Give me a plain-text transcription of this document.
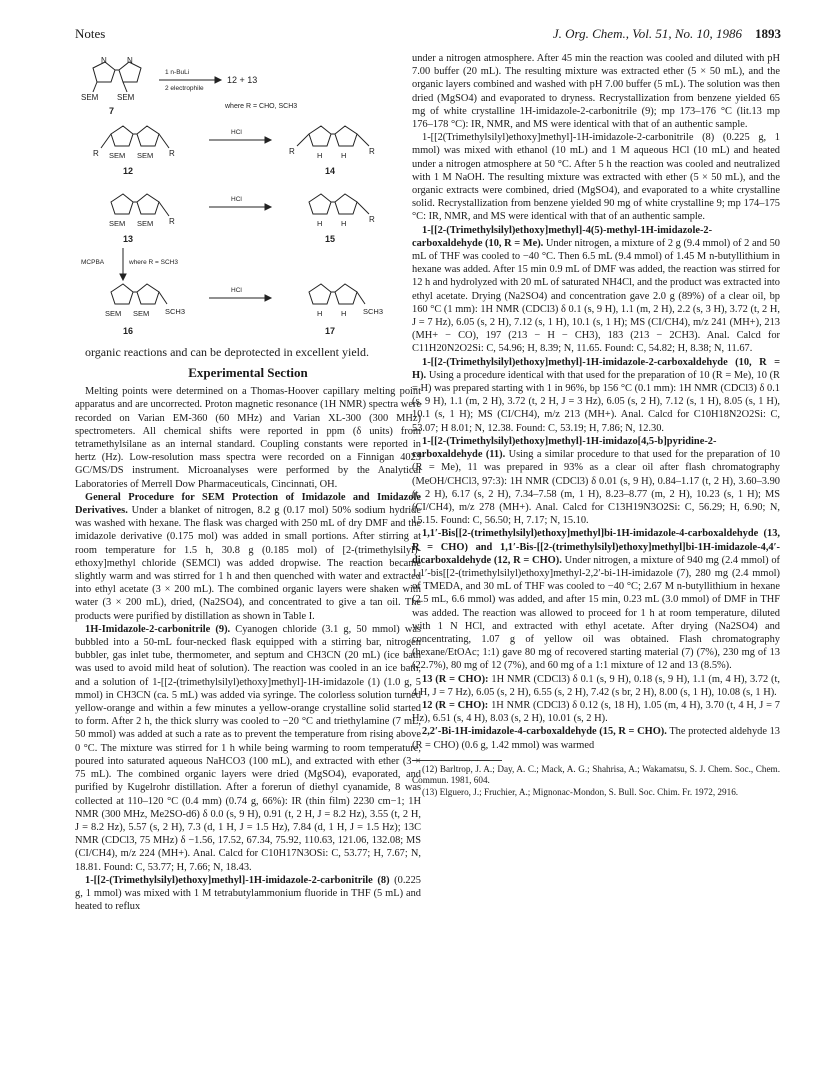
Notes	J. Org. Chem., Vol. 51, No. 10, 1986 1893
N	N
SEM SEM
7
1 n-BuLi
2 electrophile
12 + 13
where R = CHO, SCH3
R	R
SEM SEM
12
HCl
R	R
H H
14
R
SEM SEM
13
HCl
R
H H
15
MCPBA	where R = SCH3
SCH3
SEM SEM
16
HCl
SCH3
H H
17

organic reactions and can be deprotected in excellent yield.

Experimental Section

Melting points were determined on a Thomas-Hoover capillary melting point apparatus and are uncorrected. Proton magnetic resonance (1H NMR) spectra were recorded on Varian EM-360 (60 MHz) and Varian XL-300 (300 MHz) spectrometers. All chemical shifts were reported in ppm (δ units) from tetramethylsilane as an internal standard. Coupling constants were reported in hertz (Hz). Low-resolution mass spectra were recorded on a Finnigan 4023 GC/MS/DS instrument. Microanalyses were performed by the Analytical Laboratories of Merrell Dow Pharmaceuticals, Cincinnati, OH.

General Procedure for SEM Protection of Imidazole and Imidazole Derivatives. Under a blanket of nitrogen, 8.2 g (0.17 mol) 50% sodium hydride was washed with hexane. The flask was charged with 250 mL of dry DMF and the imidazole derivative (0.175 mol) was added in small portions. After stirring at room temperature for 1.5 h, 30.8 g (0.185 mol) of [2-(trimethylsilyl)-ethoxy]methyl chloride (SEMCl) was added dropwise. The reaction became slightly warm and was stirred for 1 h and then quenched with water and extracted into ethyl acetate (3 × 200 mL). The combined organic layers were shaken with water (3 × 200 mL), dried, (Na2SO4), and concentrated to give a tan oil. The products were purified by distillation as shown in Table I.

1H-Imidazole-2-carbonitrile (9). Cyanogen chloride (3.1 g, 50 mmol) was bubbled into a 50-mL four-necked flask equipped with a stirring bar, nitrogen bubbler, gas inlet tube, thermometer, and septum and CH3CN (20 mL) (ice bath was used to avoid mild heat of solution). The reaction was cooled in an ice bath, and a solution of 1-[[2-(trimethylsilyl)ethoxy]methyl]-1H-imidazole (1) (1.0 g, 5 mmol) in CH3CN (ca. 5 mL) was added via syringe. The colorless solution turned yellow-orange and within a few minutes a yellow-orange crystalline solid started to form. After 2 h, the thick slurry was cooled to −20 °C and triethylamine (7 mL, 50 mmol) was added at such a rate as to prevent the temperature from rising above 0 °C. The mixture was stirred for 1 h while being warming to room temperature, poured into saturated aqueous NaHCO3 (100 mL), and extracted with ether (3 × 75 mL). The combined organic layers were dried (MgSO4), evaporated, and purified by Kugelrohr distillation. After a forerun of diethyl cyanamide, 8 was collected at 110–120 °C (0.4 mm) (0.74 g, 66%): IR (thin film) 2230 cm−1; 1H NMR (300 MHz, Me2SO-d6) δ 0.0 (s, 9 H), 0.91 (t, 2 H, J = 8.2 Hz), 3.55 (t, 2 H, J = 8.2 Hz), 5.57 (s, 2 H), 7.3 (d, 1 H, J = 1.5 Hz), 7.84 (d, 1 H, J = 1.5 Hz); 13C NMR (CDCl3, 75 MHz) δ −1.56, 17.52, 67.34, 75.92, 110.63, 121.06, 132.08; MS (CI/CH4), m/z 224 (MH+). Anal. Calcd for C10H17N3OSi: C, 53.77; H, 7.67; N, 18.81. Found: C, 53.77; H, 7.66; N, 18.43.

1-[[2-(Trimethylsilyl)ethoxy]methyl]-1H-imidazole-2-carbonitrile (8) (0.225 g, 1 mmol) was mixed with 1 M tetrabutylammonium fluoride in THF (5 mL) and heated to reflux

under a nitrogen atmosphere. After 45 min the reaction was cooled and diluted with pH 7.00 buffer (20 mL). The resulting mixture was extracted ether (5 × 50 mL), and the organic layers combined and washed with pH 7.00 buffer (5 mL). The solution was then dried (MgSO4) and evaporated to dryness. Recrystallization from benzene yielded 65 mg of white crystalline 1H-imidazole-2-carbonitrile (9); mp 173–176 °C (lit.13 mp 176–178 °C): IR, NMR, and MS were identical with that of an authentic sample.

1-[[2(Trimethylsilyl)ethoxy]methyl]-1H-imidazole-2-carbonitrile (8) (0.225 g, 1 mmol) was mixed with ethanol (10 mL) and 1 M aqueous HCl (10 mL) and heated under a nitrogen atmosphere at 50 °C. After 5 h the reaction was cooled and neutralized with 1 M NaOH. The resulting mixture was extracted with ether (5 × 50 mL), and the organic extracts were combined, dried (MgSO4), and evaporated to a white crystalline solid. Recrystallization from benzene yielded 90 mg of white crystalline 9; mp 174–175 °C: IR, NMR, and MS were identical with that of an authentic sample.

1-[[2-(Trimethylsilyl)ethoxy]methyl]-4(5)-methyl-1H-imidazole-2-carboxaldehyde (10, R = Me). Under nitrogen, a mixture of 2 g (9.4 mmol) of 2 and 50 mL of THF was cooled to −40 °C. Then 6.5 mL (9.4 mmol) of 1.45 M n-butyllithium in hexane was added. After 15 min 0.9 mL of DMF was added, the reaction was stirred for 12 h and hydrolyzed with 20 mL of saturated NH4Cl, and the product was extracted into ethyl acetate. Drying (Na2SO4) and concentration gave 2.0 g (89%) of a clear oil, bp 160 °C (1 mm): 1H NMR (CDCl3) δ 0.1 (s, 9 H), 1.1 (m, 2 H), 2.2 (s, 3 H), 3.72 (t, 2 H, J = 7 Hz), 6.05 (s, 2 H), 7.12 (s, 1 H), 10.1 (s, 1 H); MS (CI/CH4), m/z 241 (MH+), 213 (MH+ − CO), 197 (213 − H − CH3), 183 (213 − 2CH3). Anal. Calcd for C11H20N2O2Si: C, 54.96; H, 8.39; N, 11.65. Found: C, 54.82; H, 8.38; N, 11.67.

1-[[2-(Trimethylsilyl)ethoxy]methyl]-1H-imidazole-2-carboxaldehyde (10, R = H). Using a procedure identical with that used for the preparation of 10 (R = Me), 10 (R = H) was prepared starting with 1 in 96%, bp 156 °C (0.1 mm): 1H NMR (CDCl3) δ 0.1 (s, 9 H), 1.1 (m, 2 H), 3.72 (t, 2 H, J = 3 Hz), 6.05 (s, 2 H), 7.12 (s, 1 H), 8.05 (s, 1 H), 10.1 (s, 1 H); MS (CI/CH4), m/z 213 (MH+). Anal. Calcd for C10H18N2O2Si: C, 53.07; H 8.01; N, 12.38. Found: C, 53.19; H, 7.86; N, 12.30.

1-[[2-(Trimethylsilyl)ethoxy]methyl]-1H-imidazo[4,5-b]pyridine-2-carboxaldehyde (11). Using a similar procedure to that used for the preparation of 10 (R = Me), 11 was prepared in 93% as a clear oil after flash chromatography (MeOH/CHCl3, 97:3): 1H NMR (CDCl3) δ 0.01 (s, 9 H), 0.84–1.17 (t, 2 H), 3.60–3.90 (t, 2 H), 6.17 (s, 2 H), 7.34–7.58 (m, 1 H), 8.23–8.77 (m, 2 H), 10.23 (s, 1 H); MS (CI/CH4), m/z 278 (MH+). Anal. Calcd for C13H19N3O2Si: C, 56.29; H, 6.90; N, 15.15. Found: C, 56.50; H, 7.17; N, 15.10.

1,1′-Bis[[2-(trimethylsilyl)ethoxy]methyl]bi-1H-imidazole-4-carboxaldehyde (13, R = CHO) and 1,1′-Bis-[[2-(trimethylsilyl)ethoxy]methyl]bi-1H-imidazole-4,4′-dicarboxaldehyde (12, R = CHO). Under nitrogen, a mixture of 940 mg (2.4 mmol) of 1,1′-bis[[2-(trimethylsilyl)ethoxy]methyl-2,2′-bi-1H-imidazole (7), 280 mg (2.4 mmol) of TMEDA, and 30 mL of THF was cooled to −40 °C; 2.67 M n-butyllithium in hexane (2.5 mL, 6.6 mmol) was added, and after 15 min, 0.23 mL (3.0 mmol) of DMF in THF was added. The reaction was allowed to proceed for 1 h at room temperature, diluted with 1 N HCl, and extracted with ethyl acetate. After drying (Na2SO4) and concentrating, 1.07 g of yellow oil was obtained. Flash chromatography (hexane/EtOAc; 1:1) gave 80 mg of recovered starting material (7) (7%), 230 mg of 13 (22.7%), 80 mg of 12 (7%), and 60 mg of a 1:1 mixture of 12 and 13 (8.5%).

13 (R = CHO): 1H NMR (CDCl3) δ 0.1 (s, 9 H), 0.18 (s, 9 H), 1.1 (m, 4 H), 3.72 (t, 4 H, J = 7 Hz), 6.05 (s, 2 H), 6.55 (s, 2 H), 7.42 (s br, 2 H), 8.00 (s, 1 H), 10.08 (s, 1 H).

12 (R = CHO): 1H NMR (CDCl3) δ 0.12 (s, 18 H), 1.05 (m, 4 H), 3.70 (t, 4 H, J = 7 Hz), 6.51 (s, 4 H), 8.03 (s, 2 H), 10.01 (s, 2 H).

2,2′-Bi-1H-imidazole-4-carboxaldehyde (15, R = CHO). The protected aldehyde 13 (R = CHO) (0.6 g, 1.42 mmol) was warmed

(12) Barltrop, J. A.; Day, A. C.; Mack, A. G.; Shahrisa, A.; Wakamatsu, S. J. Chem. Soc., Chem. Commun. 1981, 604.

(13) Elguero, J.; Fruchier, A.; Mignonac-Mondon, S. Bull. Soc. Chim. Fr. 1972, 2916.
